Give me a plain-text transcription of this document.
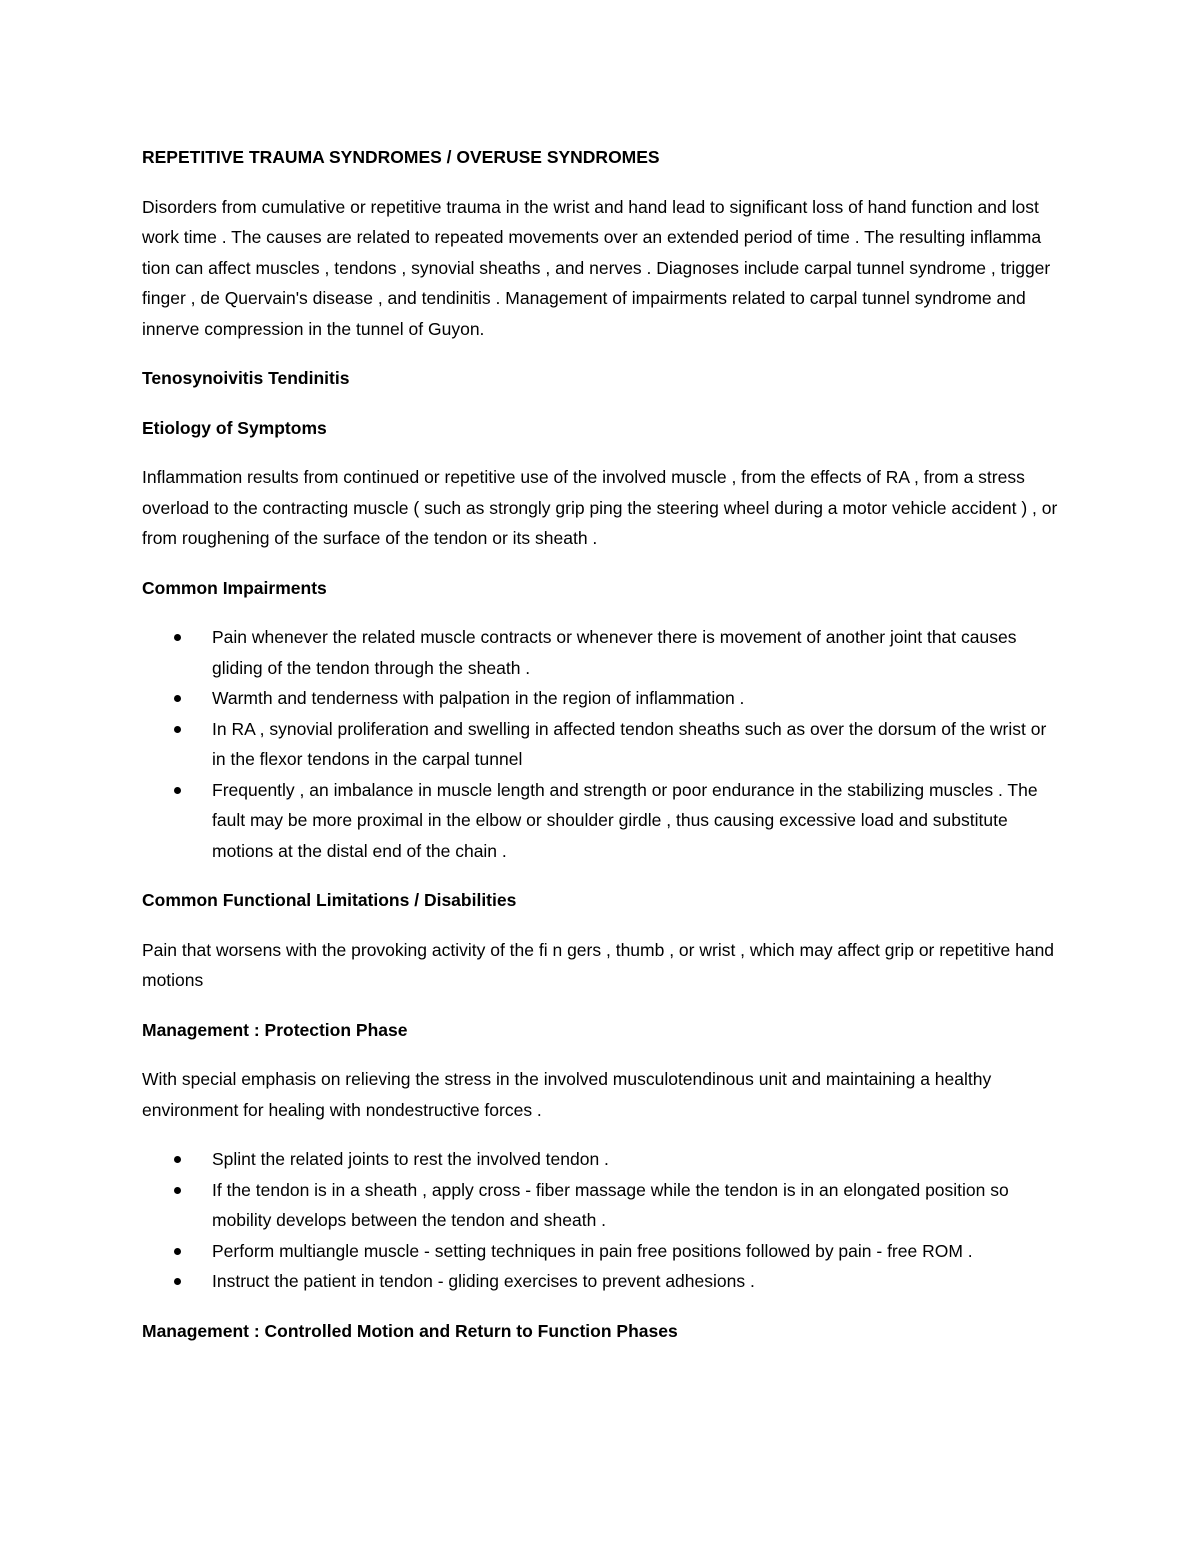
REPETITIVE TRAUMA SYNDROMES / OVERUSE SYNDROMES
Disorders from cumulative or repetitive trauma in the wrist and hand lead to significant loss of hand function and lost work time . The causes are related to repeated movements over an extended period of time . The resulting inflamma tion can affect muscles , tendons , synovial sheaths , and nerves . Diagnoses include carpal tunnel syndrome , trigger finger , de Quervain's disease , and tendinitis . Management of impairments related to carpal tunnel syndrome and innerve compression in the tunnel of Guyon.
Tenosynoivitis Tendinitis
Etiology of Symptoms
Inflammation results from continued or repetitive use of the involved muscle , from the effects of RA , from a stress overload to the contracting muscle ( such as strongly grip ping the steering wheel during a motor vehicle accident ) , or from roughening of the surface of the tendon or its sheath .
Common Impairments
Pain whenever the related muscle contracts or whenever there is movement of another joint that causes gliding of the tendon through the sheath .
Warmth and tenderness with palpation in the region of inflammation .
In RA , synovial proliferation and swelling in affected tendon sheaths such as over the dorsum of the wrist or in the flexor tendons in the carpal tunnel
Frequently , an imbalance in muscle length and strength or poor endurance in the stabilizing muscles . The fault may be more proximal in the elbow or shoulder girdle , thus causing excessive load and substitute motions at the distal end of the chain .
Common Functional Limitations / Disabilities
Pain that worsens with the provoking activity of the fi n gers , thumb , or wrist , which may affect grip or repetitive hand motions
Management : Protection Phase
With special emphasis on relieving the stress in the involved musculotendinous unit and maintaining a healthy environment for healing with nondestructive forces .
Splint the related joints to rest the involved tendon .
If the tendon is in a sheath , apply cross - fiber massage while the tendon is in an elongated position so mobility develops between the tendon and sheath .
Perform multiangle muscle - setting techniques in pain free positions followed by pain - free ROM .
Instruct the patient in tendon - gliding exercises to prevent adhesions .
Management : Controlled Motion and Return to Function Phases
